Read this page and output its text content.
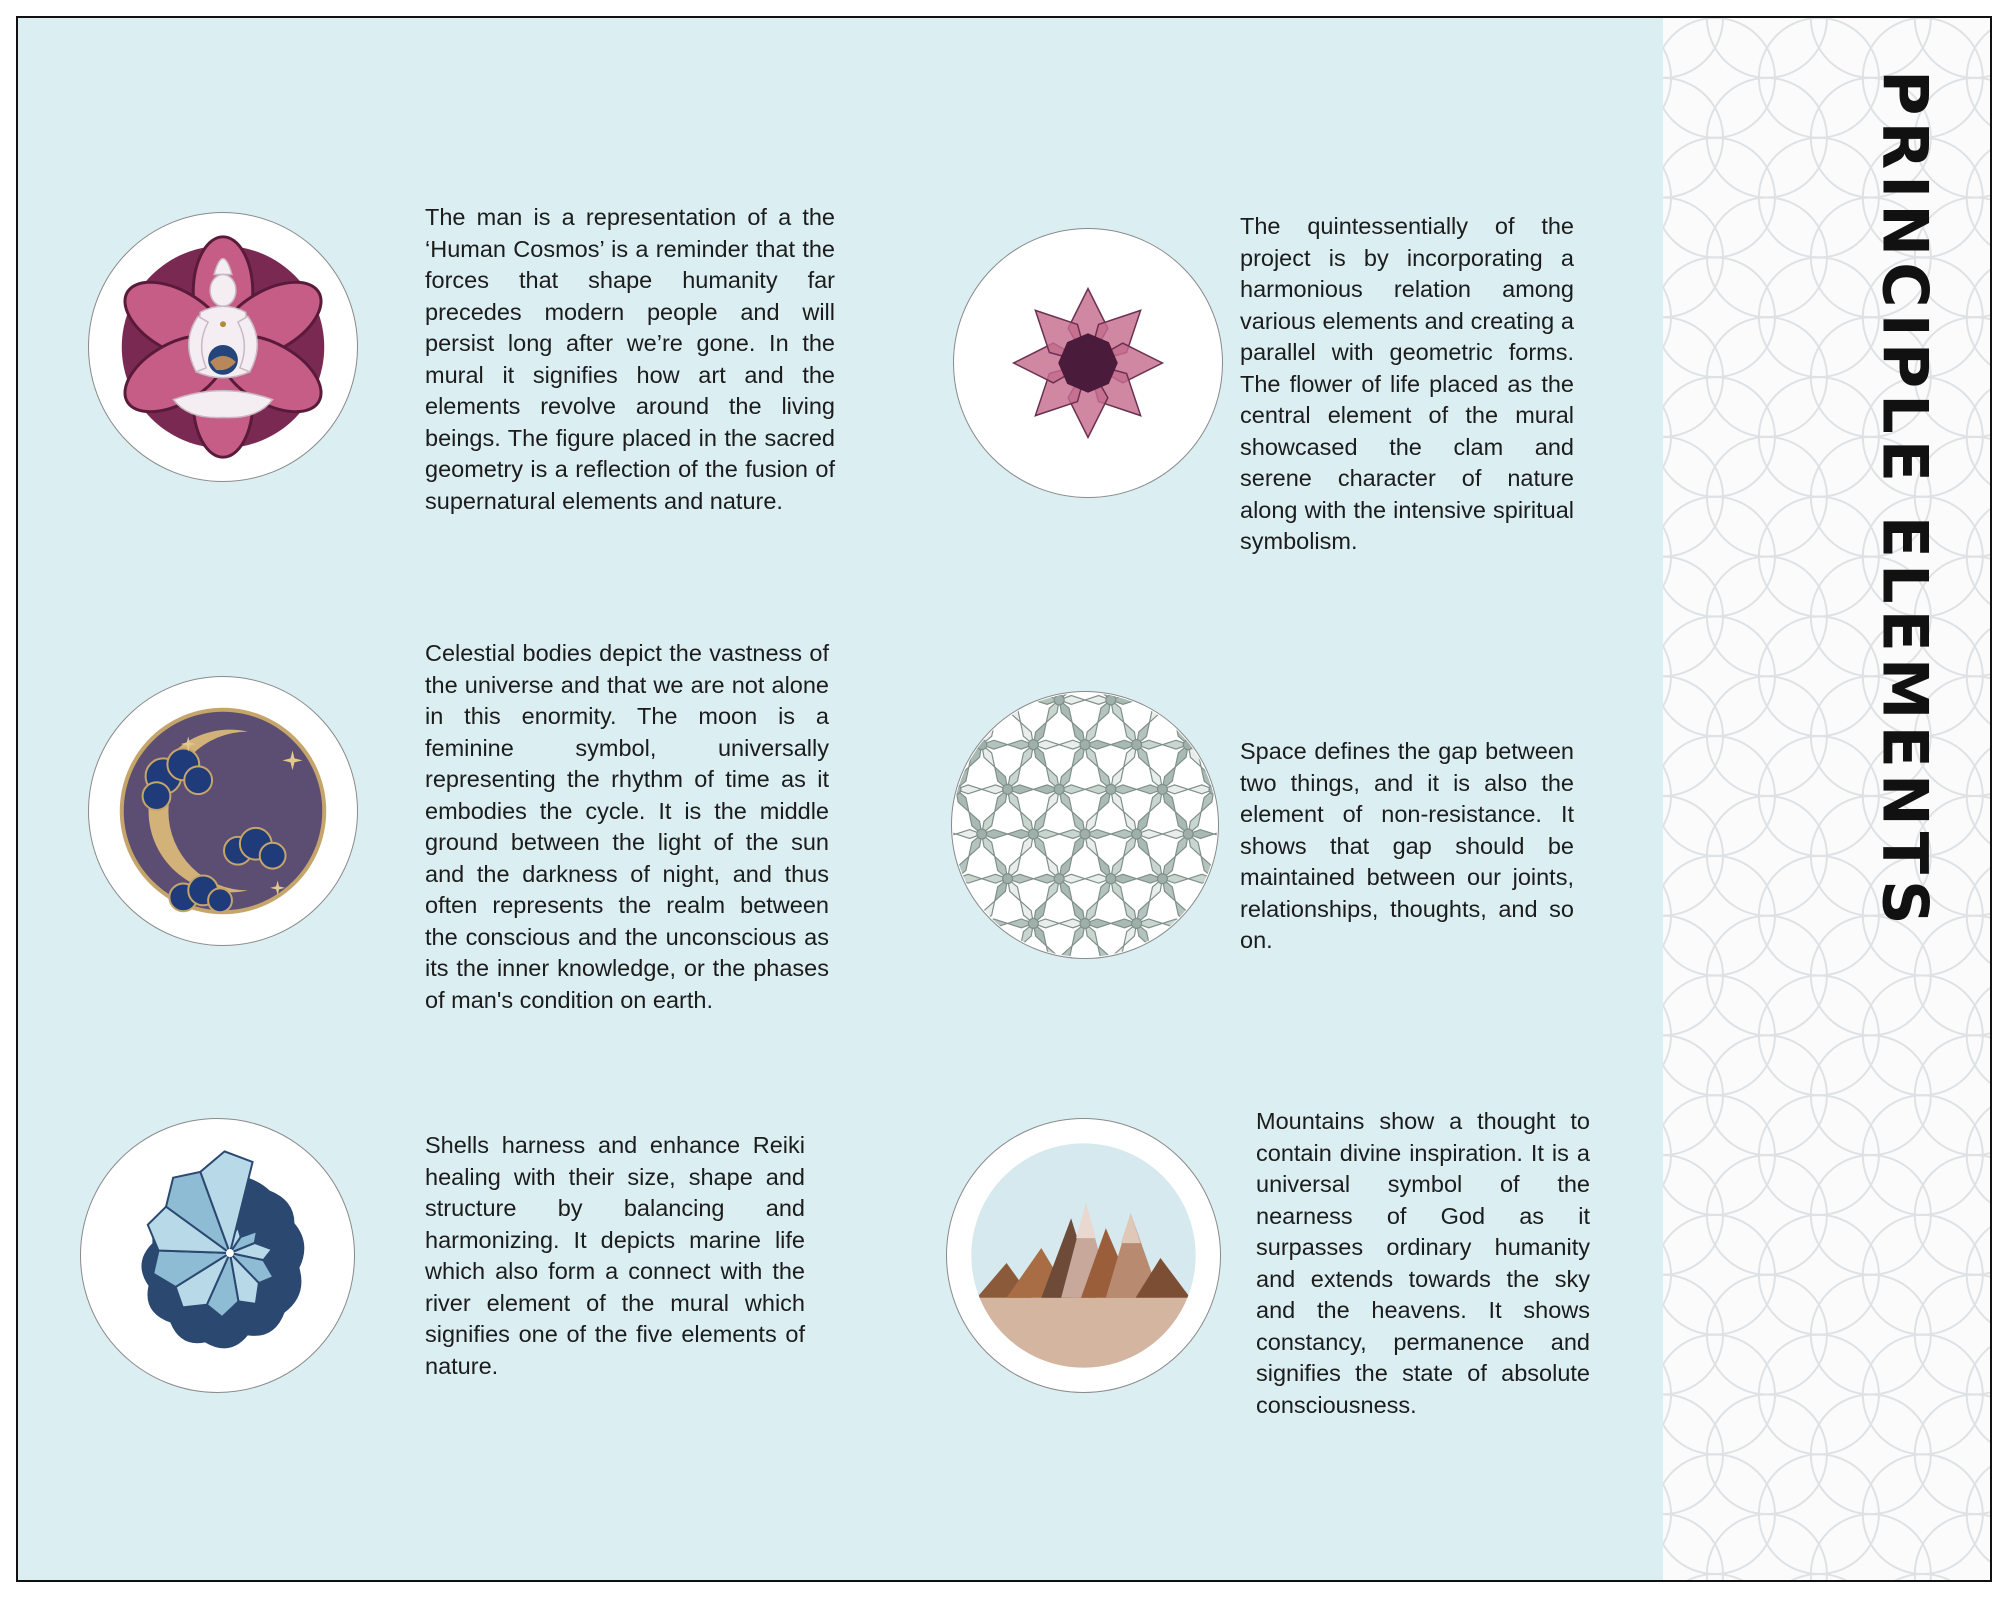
The man is a representation of a the ‘Human Cosmos’ is a reminder that the forces that shape humanity far precedes modern people and will persist long after we’re gone. In the mural it signifies how art and the elements revolve around the living beings. The figure placed in the sacred geometry is a reflection of the fusion of supernatural elements and nature.

The quintessentially of the project is by incorporating a harmonious relation among various elements and creating a parallel with geometric forms. The flower of life placed as the central element of the mural showcased the clam and serene character of nature along with the intensive spiritual symbolism.

Celestial bodies depict the vastness of the universe and that we are not alone in this enormity. The moon is a feminine symbol, universally representing the rhythm of time as it embodies the cycle. It is the middle ground between the light of the sun and the darkness of night, and thus often represents the realm between the conscious and the unconscious as its the inner knowledge, or the phases of man's condition on earth.

Space defines the gap between two things, and it is also the element of non-resistance. It shows that gap should be maintained between our joints, relationships, thoughts, and so on.

Shells harness and enhance Reiki healing with their size, shape and structure by balancing and harmonizing. It depicts marine life which also form a connect with the river element of the mural which signifies one of the five elements of nature.

Mountains show a thought to contain divine inspiration. It is a universal symbol of the nearness of God as it surpasses ordinary humanity and extends towards the sky and the heavens. It shows constancy, permanence and signifies the state of absolute consciousness.

PRINCIPLE ELEMENTS
